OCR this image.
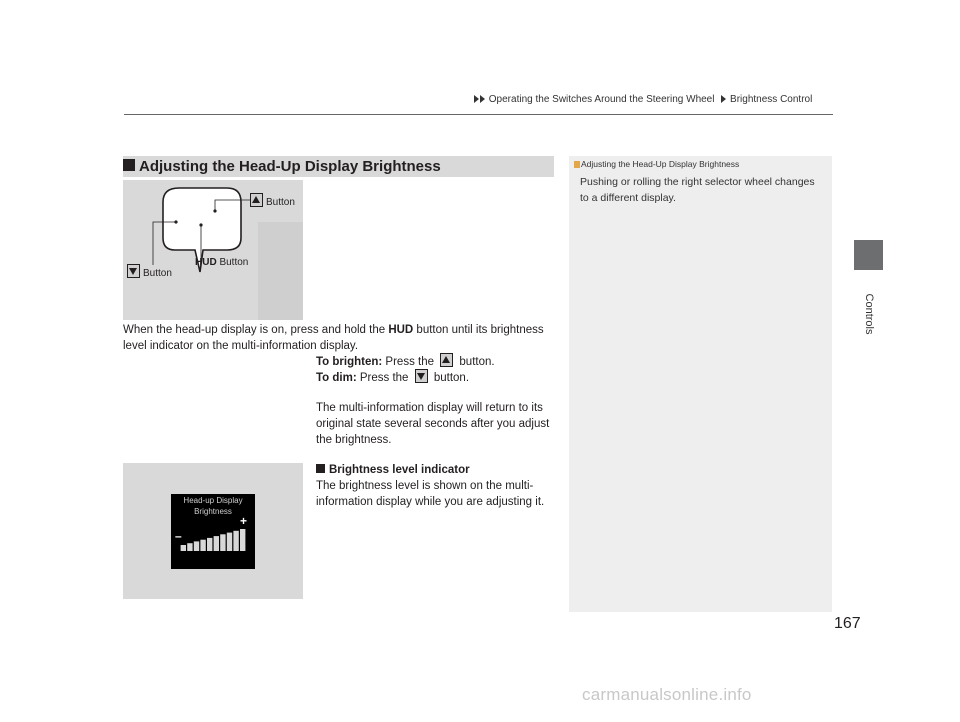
Operating the Switches Around the Steering Wheel Brightness Control
Controls
Adjusting the Head-Up Display Brightness
Button
HUD Button
Button
When the head-up display is on, press and hold the HUD button until its brightness level indicator on the multi-information display.
To brighten: Press the button.
To dim: Press the button.
The multi-information display will return to its original state several seconds after you adjust the brightness.
Brightness level indicator
The brightness level is shown on the multi-information display while you are adjusting it.
Head-up Display
Brightness
+
–
Adjusting the Head-Up Display Brightness
Pushing or rolling the right selector wheel changes to a different display.
167
carmanualsonline.info
